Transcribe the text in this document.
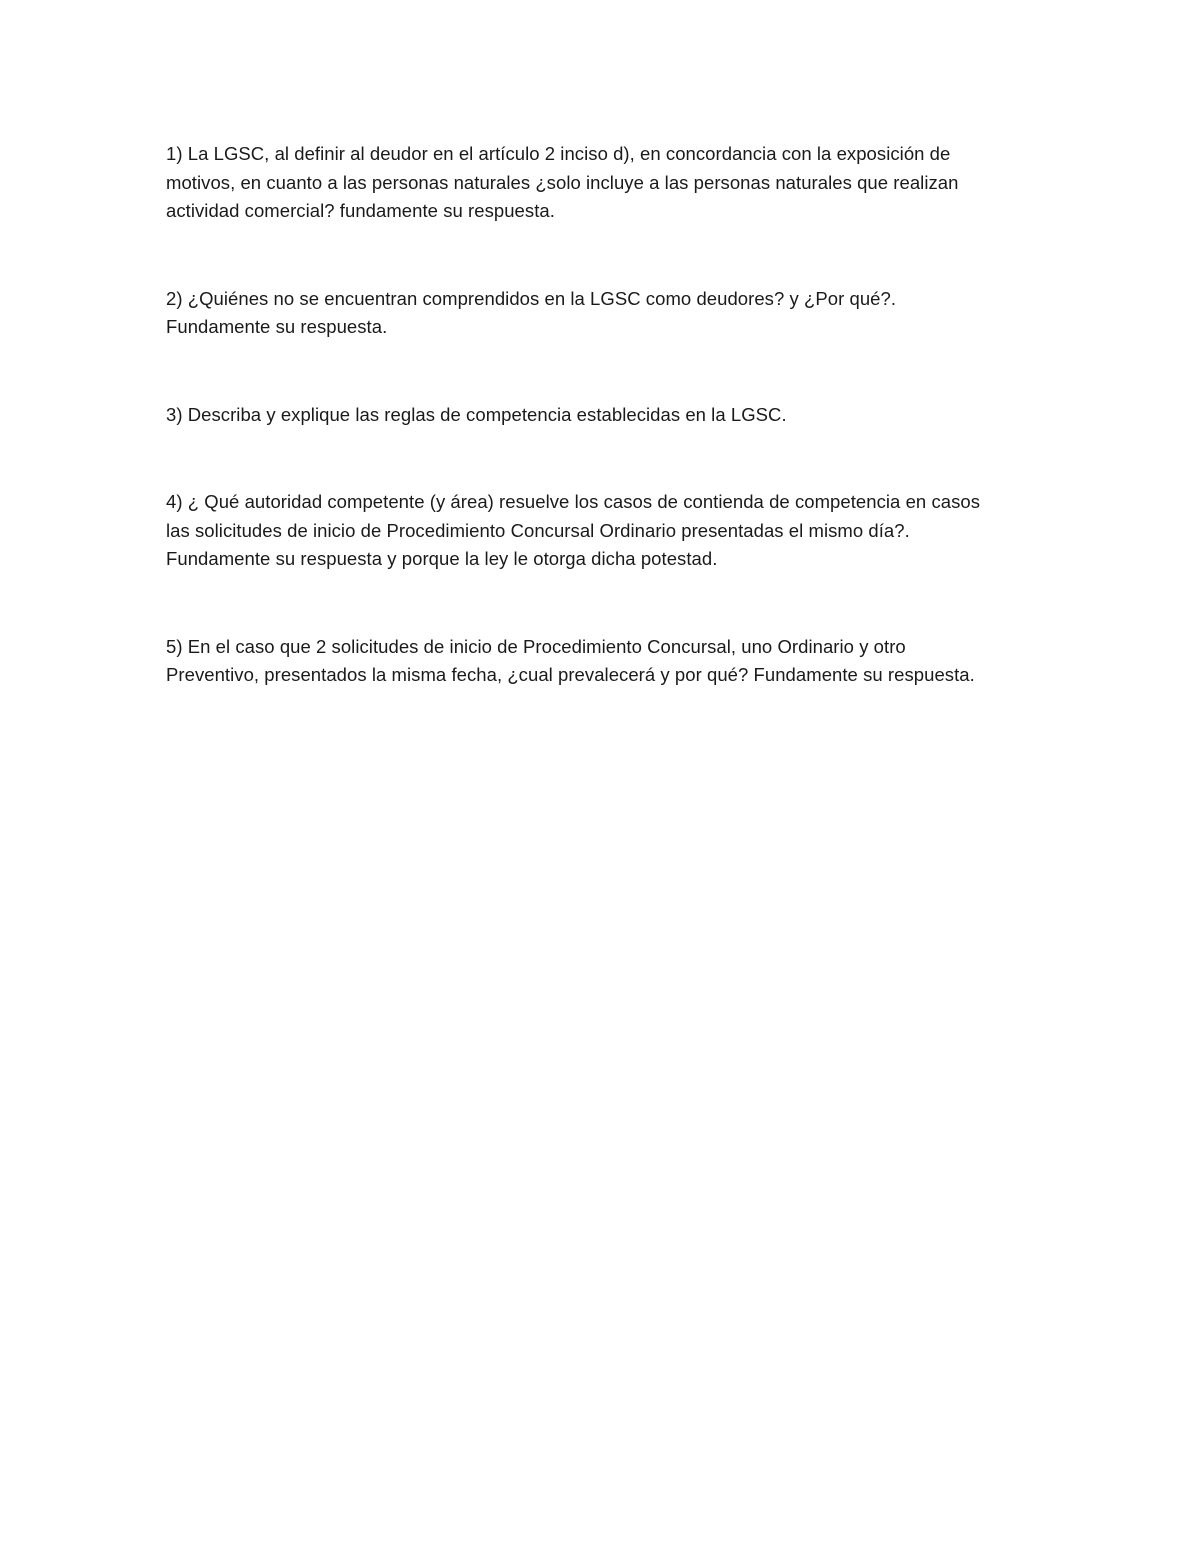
1) La LGSC, al definir al deudor en el artículo 2 inciso d), en concordancia con la exposición de
motivos, en cuanto a las personas naturales ¿solo incluye a las personas naturales que realizan
actividad comercial? fundamente su respuesta.

2) ¿Quiénes no se encuentran comprendidos en la LGSC como deudores? y ¿Por qué?.
Fundamente su respuesta.

3) Describa y explique las reglas de competencia establecidas en la LGSC.

4) ¿ Qué autoridad competente (y área) resuelve los casos de contienda de competencia en casos
las solicitudes de inicio de Procedimiento Concursal Ordinario presentadas el mismo día?.
Fundamente su respuesta y porque la ley le otorga dicha potestad.

5) En el caso que 2 solicitudes de inicio de Procedimiento Concursal, uno Ordinario y otro
Preventivo, presentados la misma fecha, ¿cual prevalecerá y por qué? Fundamente su respuesta.
